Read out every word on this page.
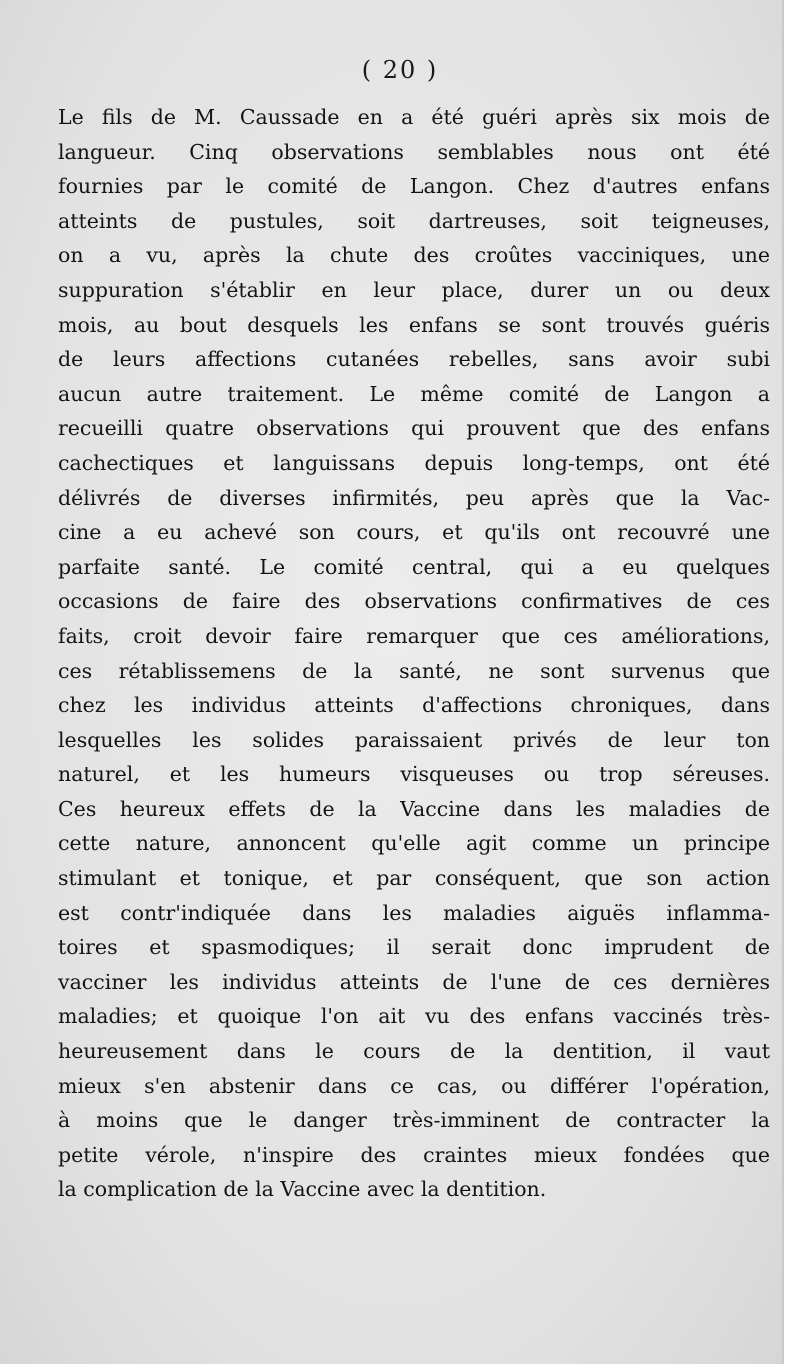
( 20 )
Le fils de M. Caussade en a été guéri après six mois de
langueur. Cinq observations semblables nous ont été
fournies par le comité de Langon. Chez d'autres enfans
atteints de pustules, soit dartreuses, soit teigneuses,
on a vu, après la chute des croûtes vacciniques, une
suppuration s'établir en leur place, durer un ou deux
mois, au bout desquels les enfans se sont trouvés guéris
de leurs affections cutanées rebelles, sans avoir subi
aucun autre traitement. Le même comité de Langon a
recueilli quatre observations qui prouvent que des enfans
cachectiques et languissans depuis long-temps, ont été
délivrés de diverses infirmités, peu après que la Vac-
cine a eu achevé son cours, et qu'ils ont recouvré une
parfaite santé. Le comité central, qui a eu quelques
occasions de faire des observations confirmatives de ces
faits, croit devoir faire remarquer que ces améliorations,
ces rétablissemens de la santé, ne sont survenus que
chez les individus atteints d'affections chroniques, dans
lesquelles les solides paraissaient privés de leur ton
naturel, et les humeurs visqueuses ou trop séreuses.
Ces heureux effets de la Vaccine dans les maladies de
cette nature, annoncent qu'elle agit comme un principe
stimulant et tonique, et par conséquent, que son action
est contr'indiquée dans les maladies aiguës inflamma-
toires et spasmodiques; il serait donc imprudent de
vacciner les individus atteints de l'une de ces dernières
maladies; et quoique l'on ait vu des enfans vaccinés très-
heureusement dans le cours de la dentition, il vaut
mieux s'en abstenir dans ce cas, ou différer l'opération,
à moins que le danger très-imminent de contracter la
petite vérole, n'inspire des craintes mieux fondées que
la complication de la Vaccine avec la dentition.
